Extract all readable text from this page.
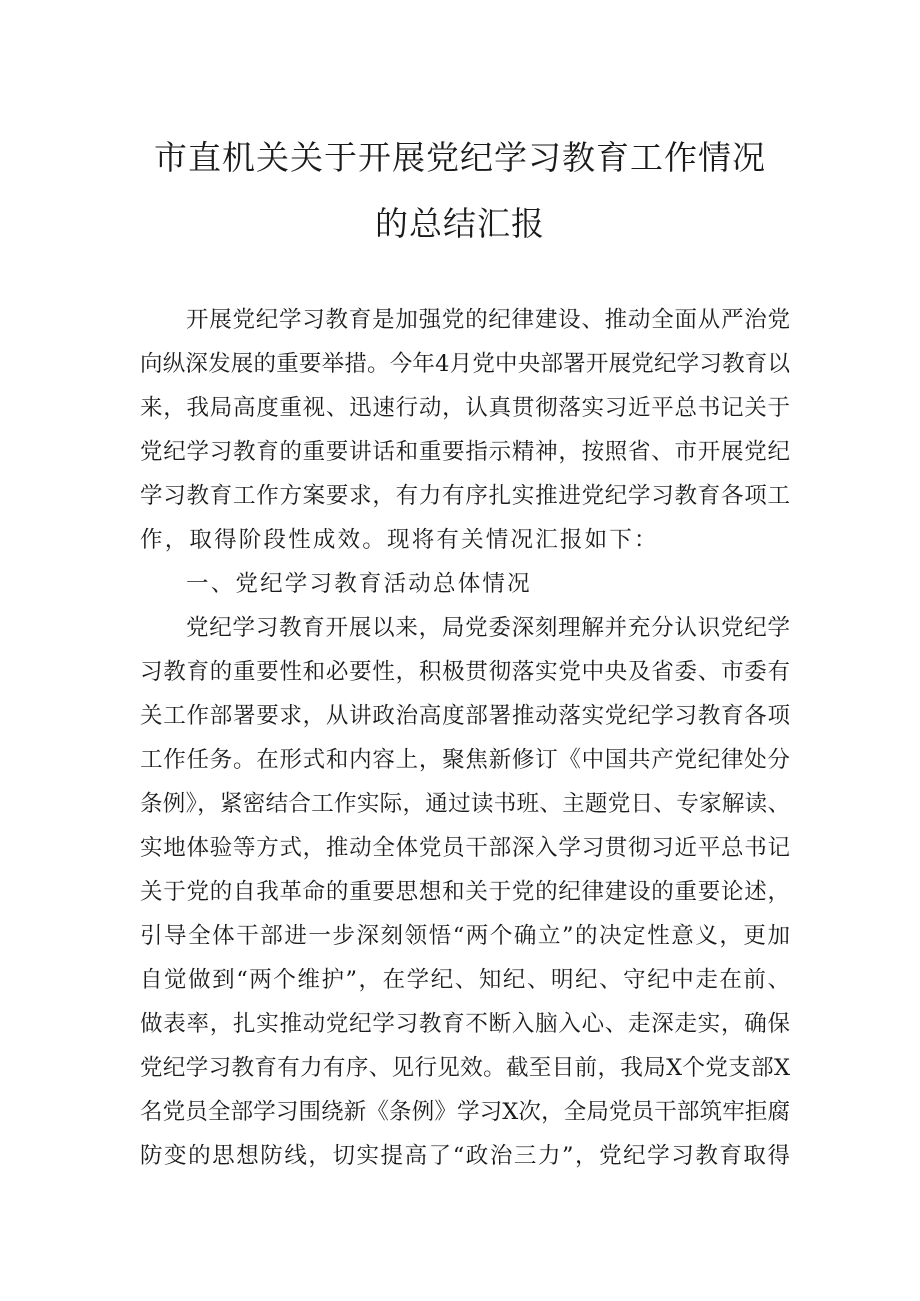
市直机关关于开展党纪学习教育工作情况
的总结汇报

开展党纪学习教育是加强党的纪律建设、推动全面从严治党

向纵深发展的重要举措。今年4月党中央部署开展党纪学习教育以

来，我局高度重视、迅速行动，认真贯彻落实习近平总书记关于

党纪学习教育的重要讲话和重要指示精神，按照省、市开展党纪

学习教育工作方案要求，有力有序扎实推进党纪学习教育各项工

作，取得阶段性成效。现将有关情况汇报如下：

一、党纪学习教育活动总体情况

党纪学习教育开展以来，局党委深刻理解并充分认识党纪学

习教育的重要性和必要性，积极贯彻落实党中央及省委、市委有

关工作部署要求，从讲政治高度部署推动落实党纪学习教育各项

工作任务。在形式和内容上，聚焦新修订《中国共产党纪律处分

条例》，紧密结合工作实际，通过读书班、主题党日、专家解读、

实地体验等方式，推动全体党员干部深入学习贯彻习近平总书记

关于党的自我革命的重要思想和关于党的纪律建设的重要论述，

引导全体干部进一步深刻领悟“两个确立”的决定性意义，更加

自觉做到“两个维护”，在学纪、知纪、明纪、守纪中走在前、

做表率，扎实推动党纪学习教育不断入脑入心、走深走实，确保

党纪学习教育有力有序、见行见效。截至目前，我局X个党支部X

名党员全部学习围绕新《条例》学习X次，全局党员干部筑牢拒腐

防变的思想防线，切实提高了“政治三力”，党纪学习教育取得
